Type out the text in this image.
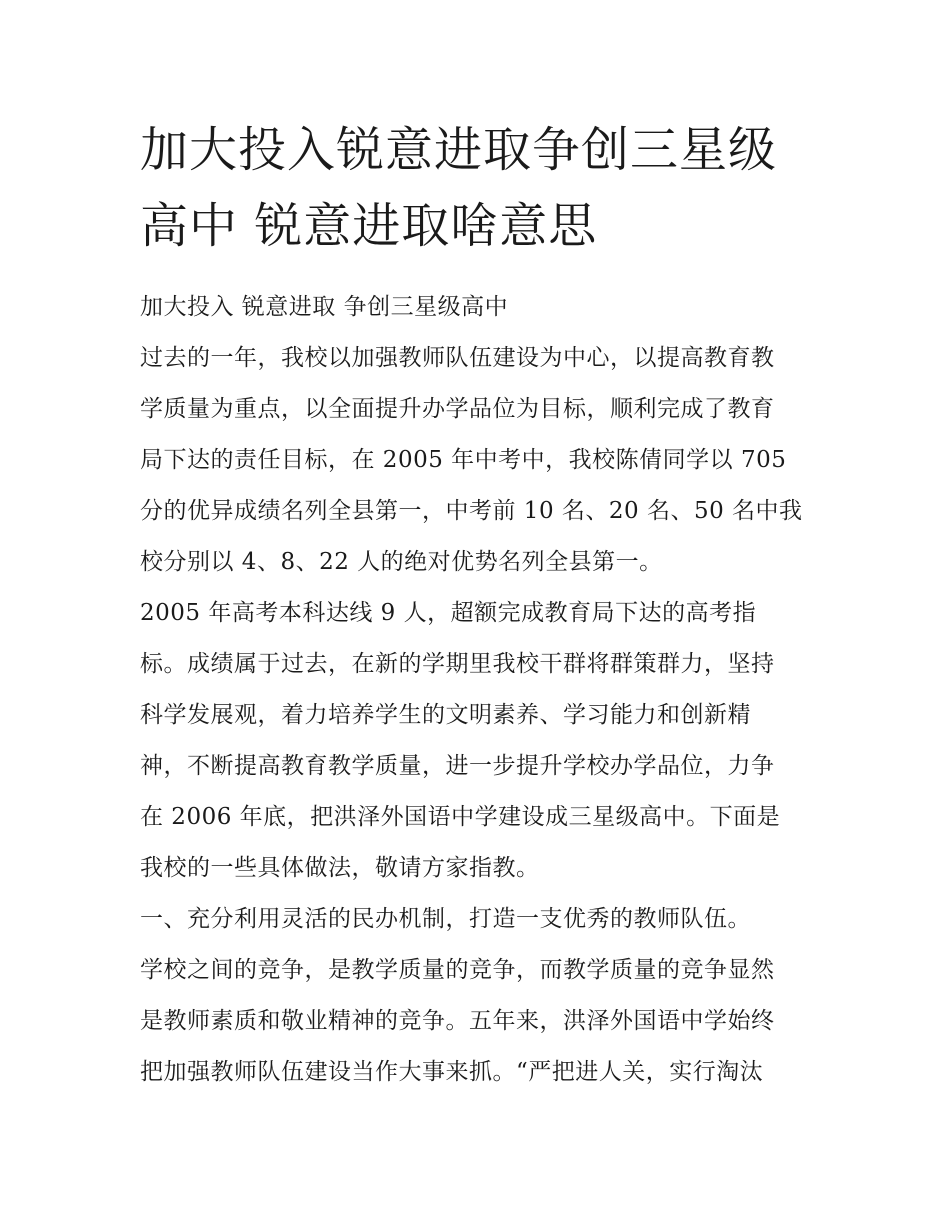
加大投入锐意进取争创三星级
高中 锐意进取啥意思

加大投入 锐意进取 争创三星级高中

过去的一年，我校以加强教师队伍建设为中心，以提高教育教
学质量为重点，以全面提升办学品位为目标，顺利完成了教育
局下达的责任目标，在 2005 年中考中，我校陈倩同学以 705
分的优异成绩名列全县第一，中考前 10 名、20 名、50 名中我
校分别以 4、8、22 人的绝对优势名列全县第一。

2005 年高考本科达线 9 人，超额完成教育局下达的高考指
标。成绩属于过去，在新的学期里我校干群将群策群力，坚持
科学发展观，着力培养学生的文明素养、学习能力和创新精
神，不断提高教育教学质量，进一步提升学校办学品位，力争
在 2006 年底，把洪泽外国语中学建设成三星级高中。下面是
我校的一些具体做法，敬请方家指教。

一、充分利用灵活的民办机制，打造一支优秀的教师队伍。

学校之间的竞争，是教学质量的竞争，而教学质量的竞争显然
是教师素质和敬业精神的竞争。五年来，洪泽外国语中学始终
把加强教师队伍建设当作大事来抓。“严把进人关，实行淘汰
